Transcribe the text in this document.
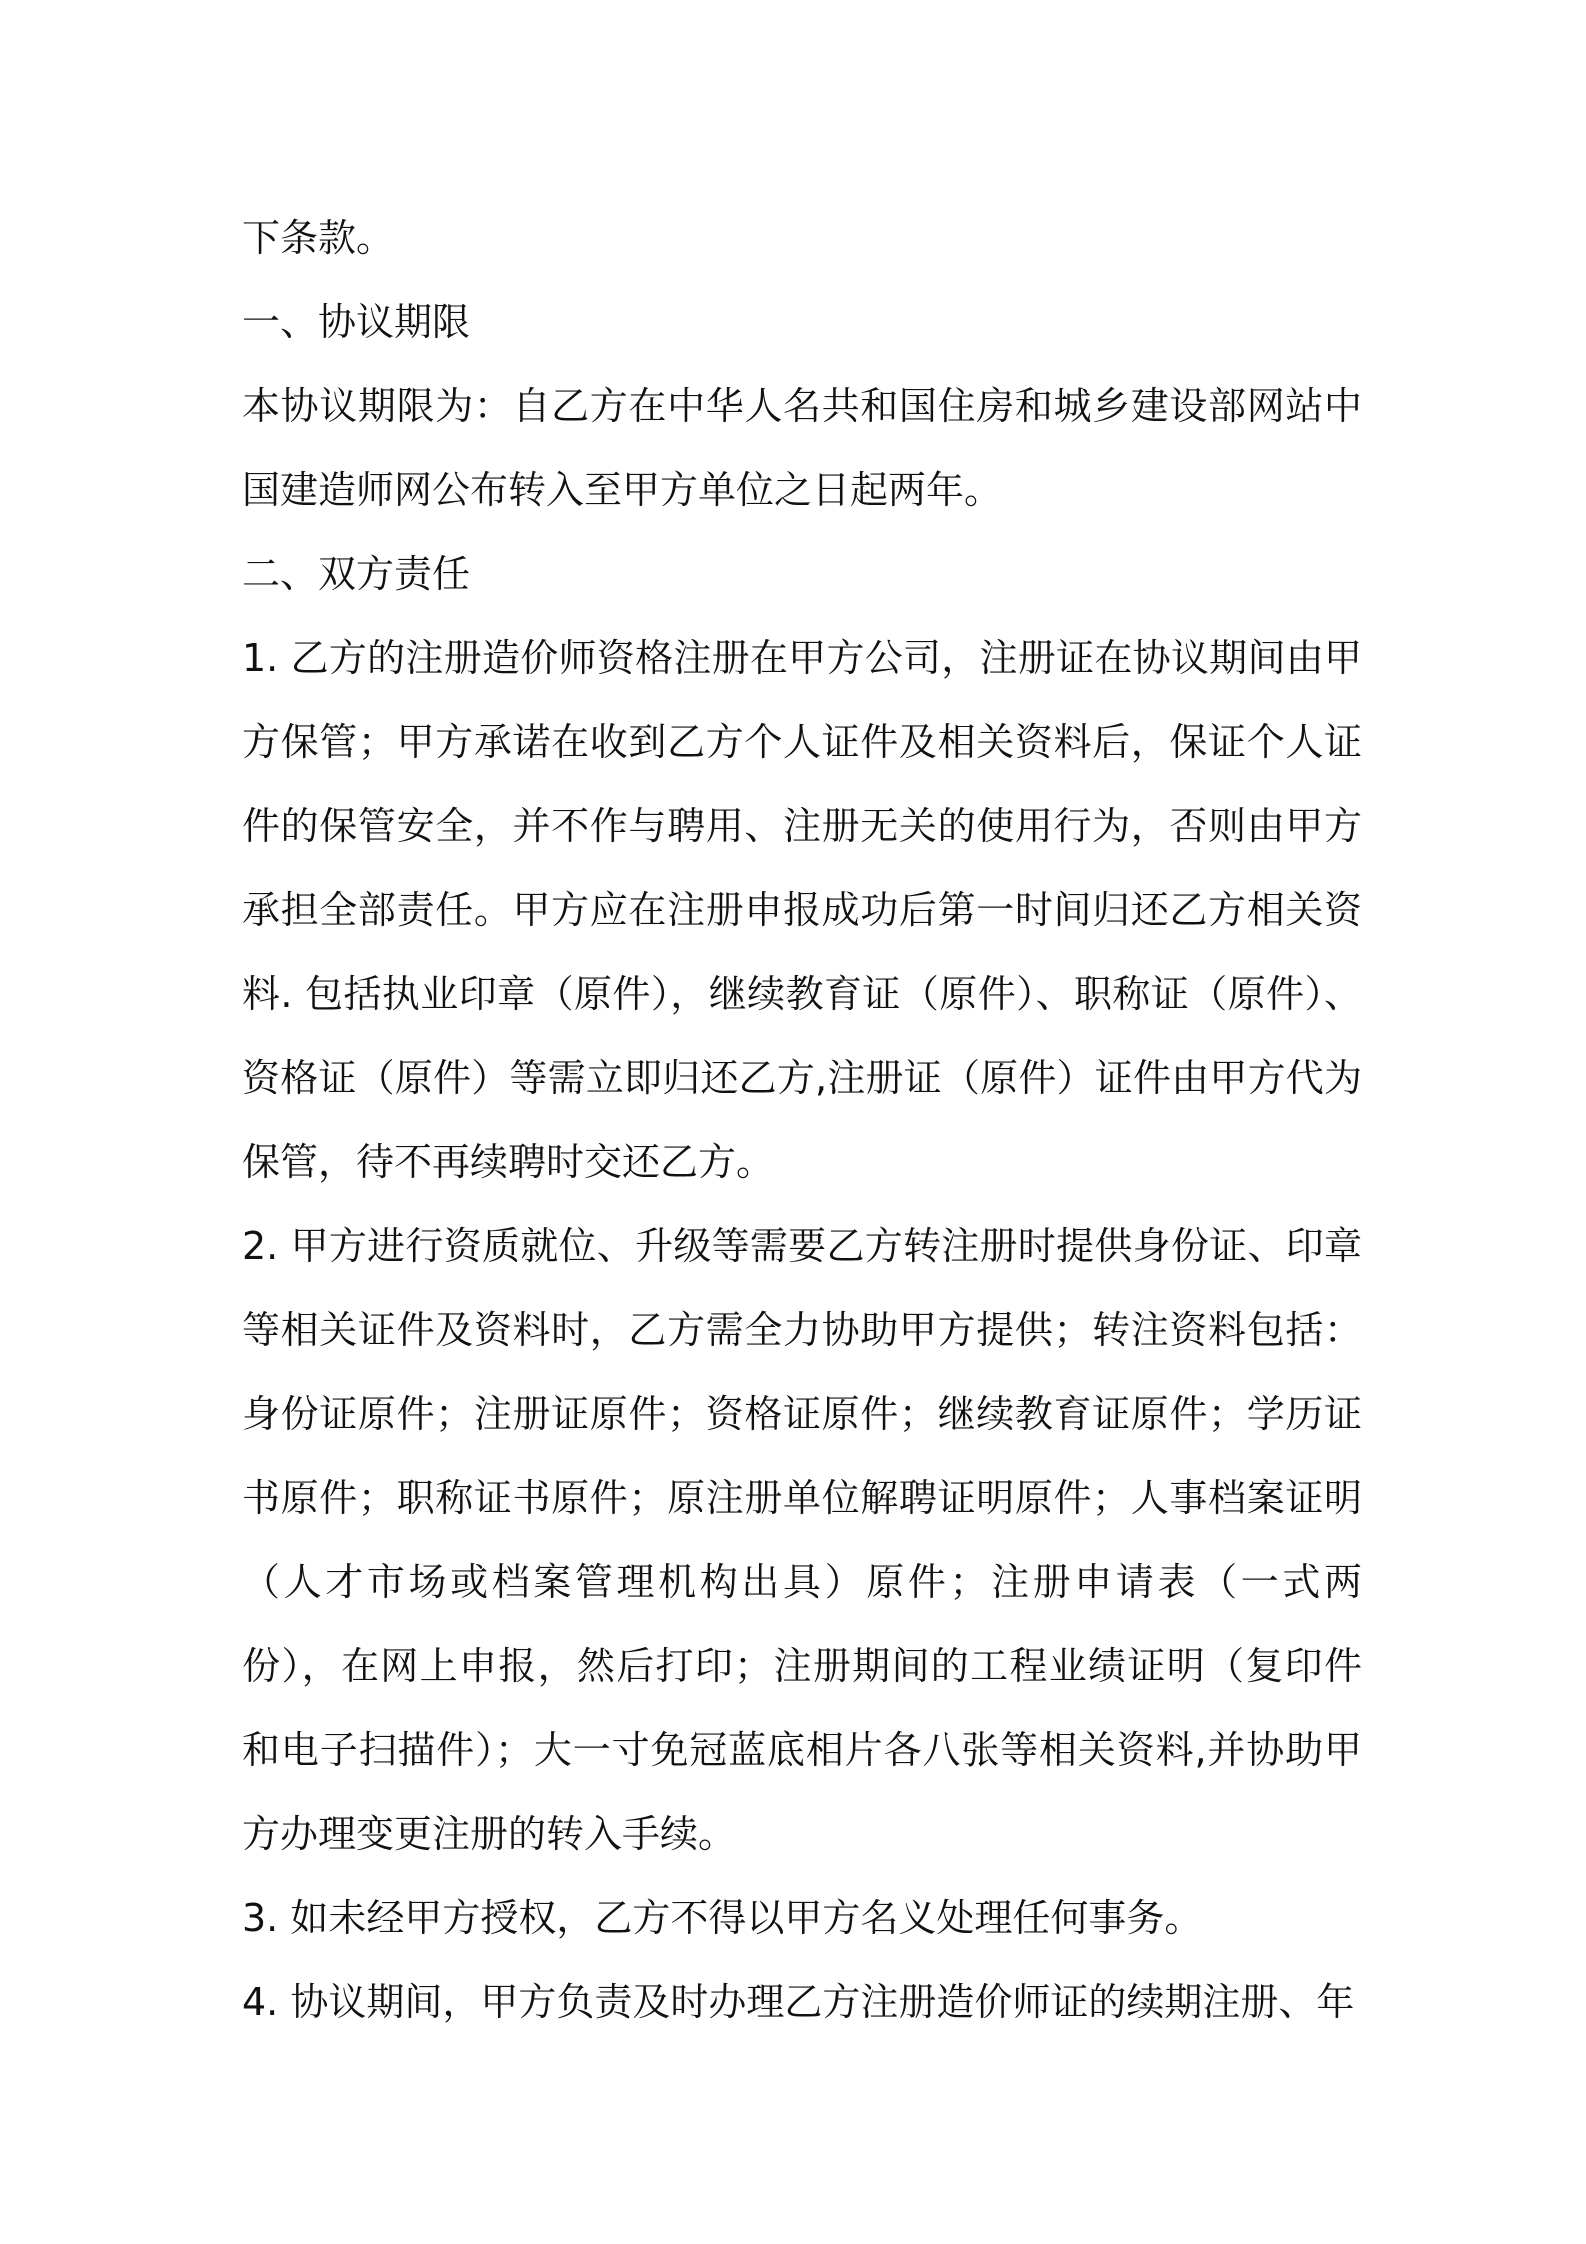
下条款。

一、协议期限

本协议期限为：自乙方在中华人名共和国住房和城乡建设部网站中国建造师网公布转入至甲方单位之日起两年。

二、双方责任

1. 乙方的注册造价师资格注册在甲方公司，注册证在协议期间由甲方保管；甲方承诺在收到乙方个人证件及相关资料后，保证个人证件的保管安全，并不作与聘用、注册无关的使用行为，否则由甲方承担全部责任。甲方应在注册申报成功后第一时间归还乙方相关资料. 包括执业印章（原件），继续教育证（原件）、职称证（原件）、资格证（原件）等需立即归还乙方,注册证（原件）证件由甲方代为保管，待不再续聘时交还乙方。

2. 甲方进行资质就位、升级等需要乙方转注册时提供身份证、印章等相关证件及资料时，乙方需全力协助甲方提供；转注资料包括：身份证原件；注册证原件；资格证原件；继续教育证原件；学历证书原件；职称证书原件；原注册单位解聘证明原件；人事档案证明（人才市场或档案管理机构出具）原件；注册申请表（一式两份），在网上申报，然后打印；注册期间的工程业绩证明（复印件和电子扫描件）；大一寸免冠蓝底相片各八张等相关资料,并协助甲方办理变更注册的转入手续。

3. 如未经甲方授权，乙方不得以甲方名义处理任何事务。

4. 协议期间，甲方负责及时办理乙方注册造价师证的续期注册、年
